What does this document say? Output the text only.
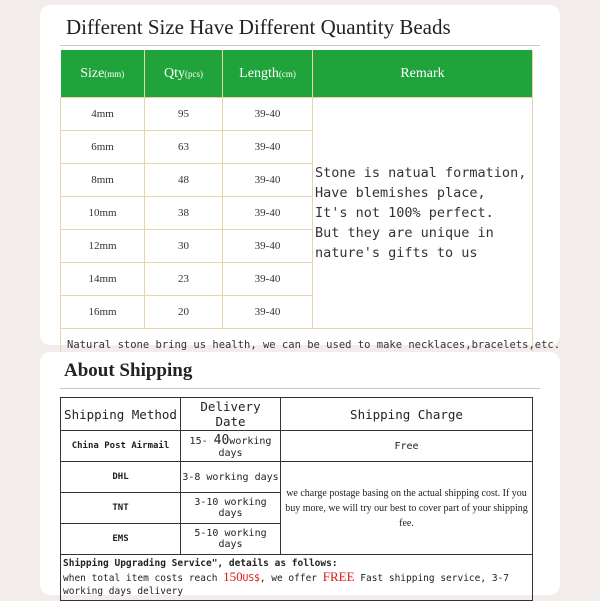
Different Size Have Different Quantity Beads
Size(mm)	Qty(pcs)	Length(cm)	Remark
4mm	95	39-40	Stone is natual formation,
Have blemishes place,
It's not 100% perfect.
But they are unique in
nature's gifts to us

6mm	63	39-40	
8mm	48	39-40	
10mm	38	39-40	
12mm	30	39-40	
14mm	23	39-40	
16mm	20	39-40	
Natural stone bring us health, we can be used to make necklaces,bracelets,etc.			
About Shipping
Shipping Method	Delivery Date	Shipping Charge
China Post Airmail	15- 40working days	Free
DHL	3-8 working days	we charge postage basing on the actual shipping cost. If you buy more, we will try our best to cover part of your shipping fee.
TNT	3-10 working days	
EMS	5-10 working days	

Shipping Upgrading Service", details as follows:
when total item costs reach 150US$, we offer FREE Fast shipping service, 3-7 working days delivery		
